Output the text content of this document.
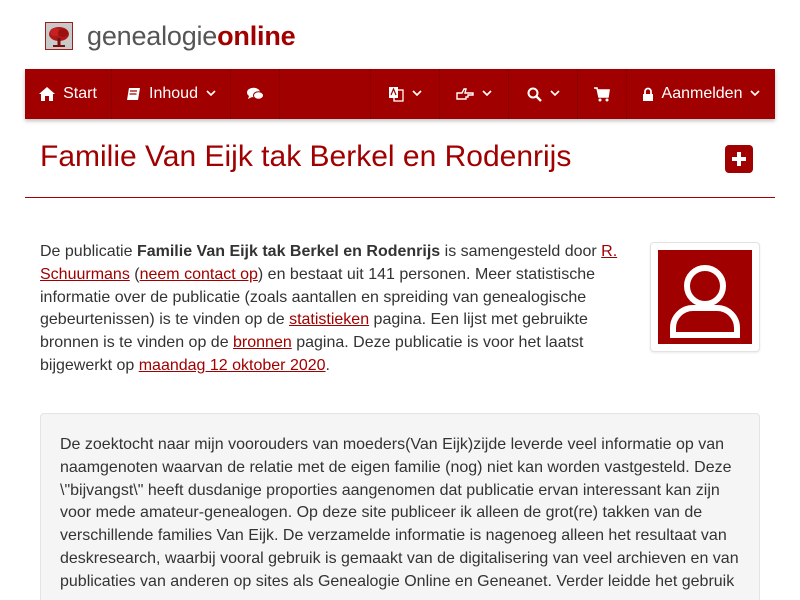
genealogieonline
Start	Inhoud	Aanmelden
Familie Van Eijk tak Berkel en Rodenrijs
De publicatie Familie Van Eijk tak Berkel en Rodenrijs is samengesteld door R. Schuurmans (neem contact op) en bestaat uit 141 personen. Meer statistische informatie over de publicatie (zoals aantallen en spreiding van genealogische gebeurtenissen) is te vinden op de statistieken pagina. Een lijst met gebruikte bronnen is te vinden op de bronnen pagina. Deze publicatie is voor het laatst bijgewerkt op maandag 12 oktober 2020.

De zoektocht naar mijn voorouders van moeders(Van Eijk)zijde leverde veel informatie op van naamgenoten waarvan de relatie met de eigen familie (nog) niet kan worden vastgesteld. Deze \"bijvangst\" heeft dusdanige proporties aangenomen dat publicatie ervan interessant kan zijn voor mede amateur-genealogen. Op deze site publiceer ik alleen de grot(re) takken van de verschillende families Van Eijk. De verzamelde informatie is nagenoeg alleen het resultaat van deskresearch, waarbij vooral gebruik is gemaakt van de digitalisering van veel archieven en van publicaties van anderen op sites als Genealogie Online en Geneanet. Verder leidde het gebruik
